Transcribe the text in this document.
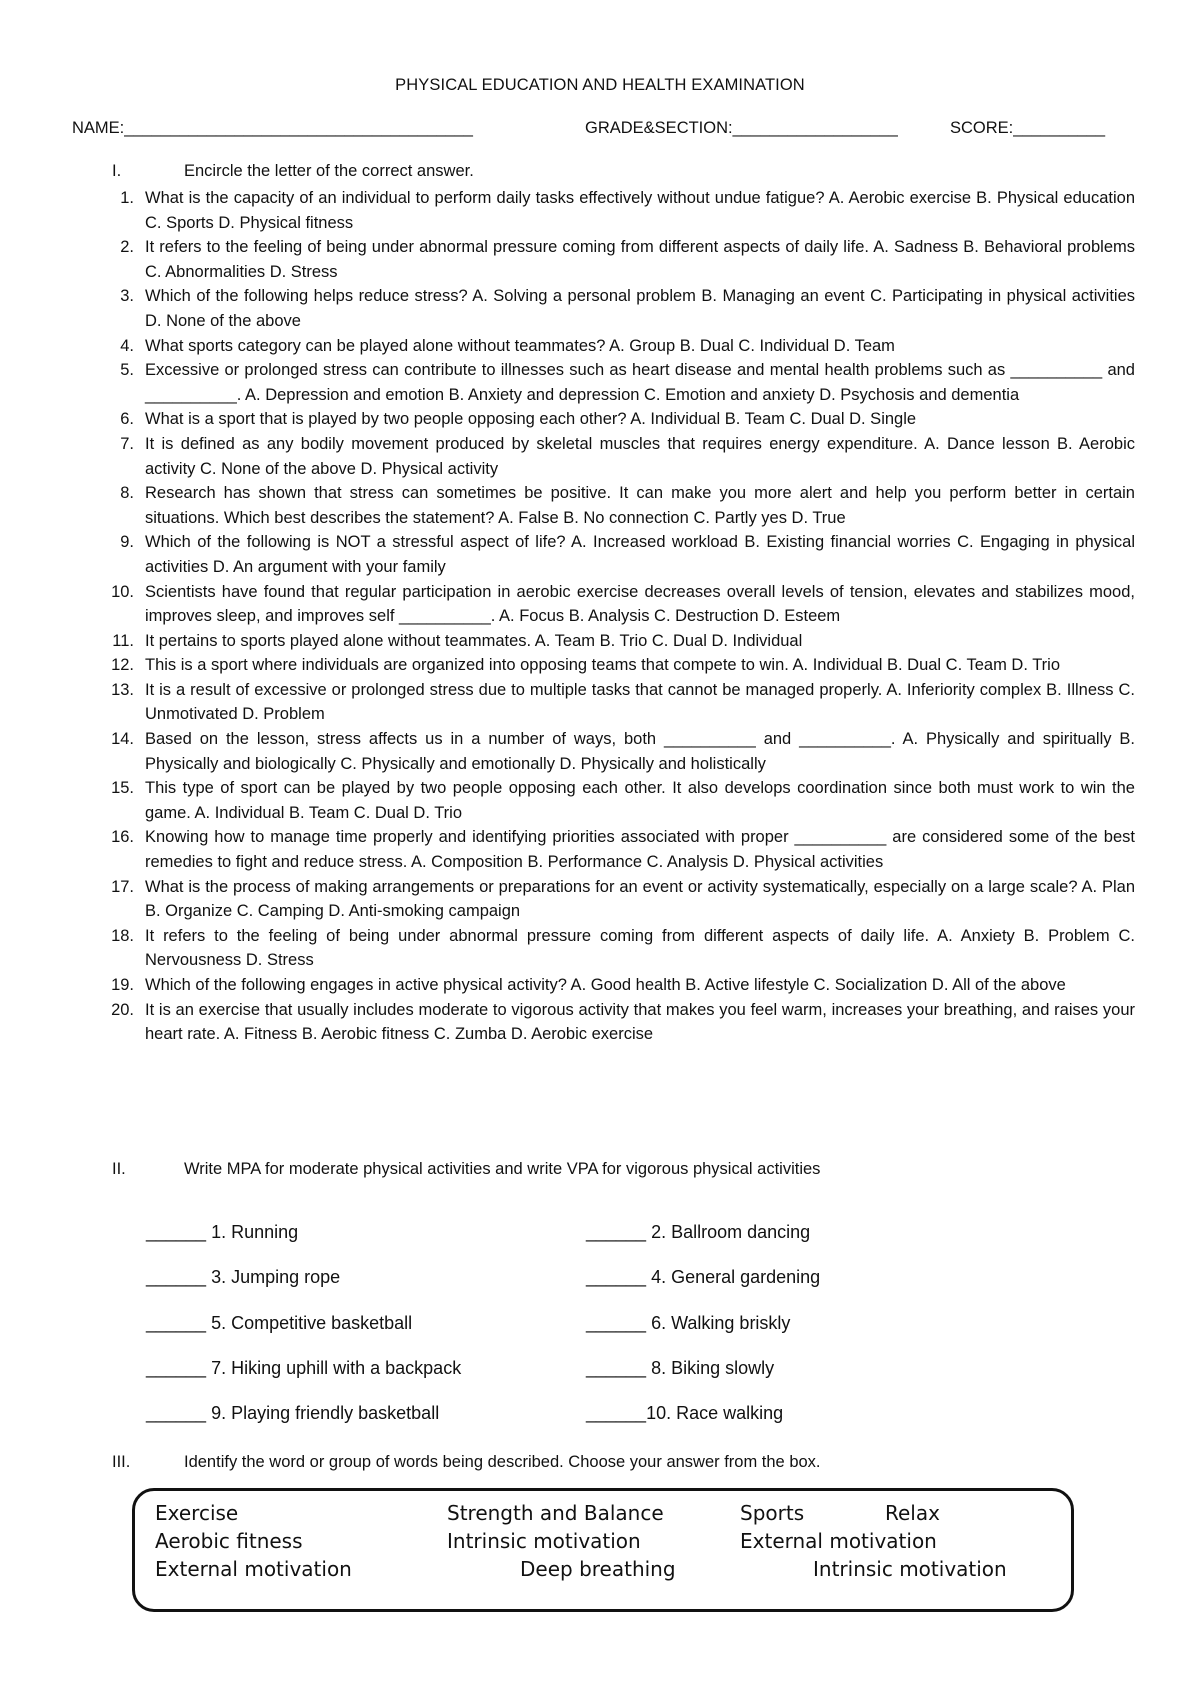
PHYSICAL EDUCATION AND HEALTH EXAMINATION
NAME:______________________________________	GRADE&SECTION:__________________	SCORE:__________
I.	Encircle the letter of the correct answer.
1. What is the capacity of an individual to perform daily tasks effectively without undue fatigue? A. Aerobic exercise B. Physical education C. Sports D. Physical fitness
2. It refers to the feeling of being under abnormal pressure coming from different aspects of daily life. A. Sadness B. Behavioral problems C. Abnormalities D. Stress
3. Which of the following helps reduce stress? A. Solving a personal problem B. Managing an event C. Participating in physical activities D. None of the above
4. What sports category can be played alone without teammates? A. Group B. Dual C. Individual D. Team
5. Excessive or prolonged stress can contribute to illnesses such as heart disease and mental health problems such as __________ and __________. A. Depression and emotion B. Anxiety and depression C. Emotion and anxiety D. Psychosis and dementia
6. What is a sport that is played by two people opposing each other? A. Individual B. Team C. Dual D. Single
7. It is defined as any bodily movement produced by skeletal muscles that requires energy expenditure. A. Dance lesson B. Aerobic activity C. None of the above D. Physical activity
8. Research has shown that stress can sometimes be positive. It can make you more alert and help you perform better in certain situations. Which best describes the statement? A. False B. No connection C. Partly yes D. True
9. Which of the following is NOT a stressful aspect of life? A. Increased workload B. Existing financial worries C. Engaging in physical activities D. An argument with your family
10. Scientists have found that regular participation in aerobic exercise decreases overall levels of tension, elevates and stabilizes mood, improves sleep, and improves self __________. A. Focus B. Analysis C. Destruction D. Esteem
11. It pertains to sports played alone without teammates. A. Team B. Trio C. Dual D. Individual
12. This is a sport where individuals are organized into opposing teams that compete to win. A. Individual B. Dual C. Team D. Trio
13. It is a result of excessive or prolonged stress due to multiple tasks that cannot be managed properly. A. Inferiority complex B. Illness C. Unmotivated D. Problem
14. Based on the lesson, stress affects us in a number of ways, both __________ and __________. A. Physically and spiritually B. Physically and biologically C. Physically and emotionally D. Physically and holistically
15. This type of sport can be played by two people opposing each other. It also develops coordination since both must work to win the game. A. Individual B. Team C. Dual D. Trio
16. Knowing how to manage time properly and identifying priorities associated with proper __________ are considered some of the best remedies to fight and reduce stress. A. Composition B. Performance C. Analysis D. Physical activities
17. What is the process of making arrangements or preparations for an event or activity systematically, especially on a large scale? A. Plan B. Organize C. Camping D. Anti-smoking campaign
18. It refers to the feeling of being under abnormal pressure coming from different aspects of daily life. A. Anxiety B. Problem C. Nervousness D. Stress
19. Which of the following engages in active physical activity? A. Good health B. Active lifestyle C. Socialization D. All of the above
20. It is an exercise that usually includes moderate to vigorous activity that makes you feel warm, increases your breathing, and raises your heart rate. A. Fitness B. Aerobic fitness C. Zumba D. Aerobic exercise
II.	Write MPA for moderate physical activities and write VPA for vigorous physical activities
______ 1. Running	______ 2. Ballroom dancing
______ 3. Jumping rope	______ 4. General gardening
______ 5. Competitive basketball	______ 6. Walking briskly
______ 7. Hiking uphill with a backpack	______ 8. Biking slowly
______ 9. Playing friendly basketball	______10. Race walking
III.	Identify the word or group of words being described. Choose your answer from the box.
Exercise	Strength and Balance	Sports	Relax
Aerobic fitness	Intrinsic motivation	External motivation
External motivation	Deep breathing	Intrinsic motivation
